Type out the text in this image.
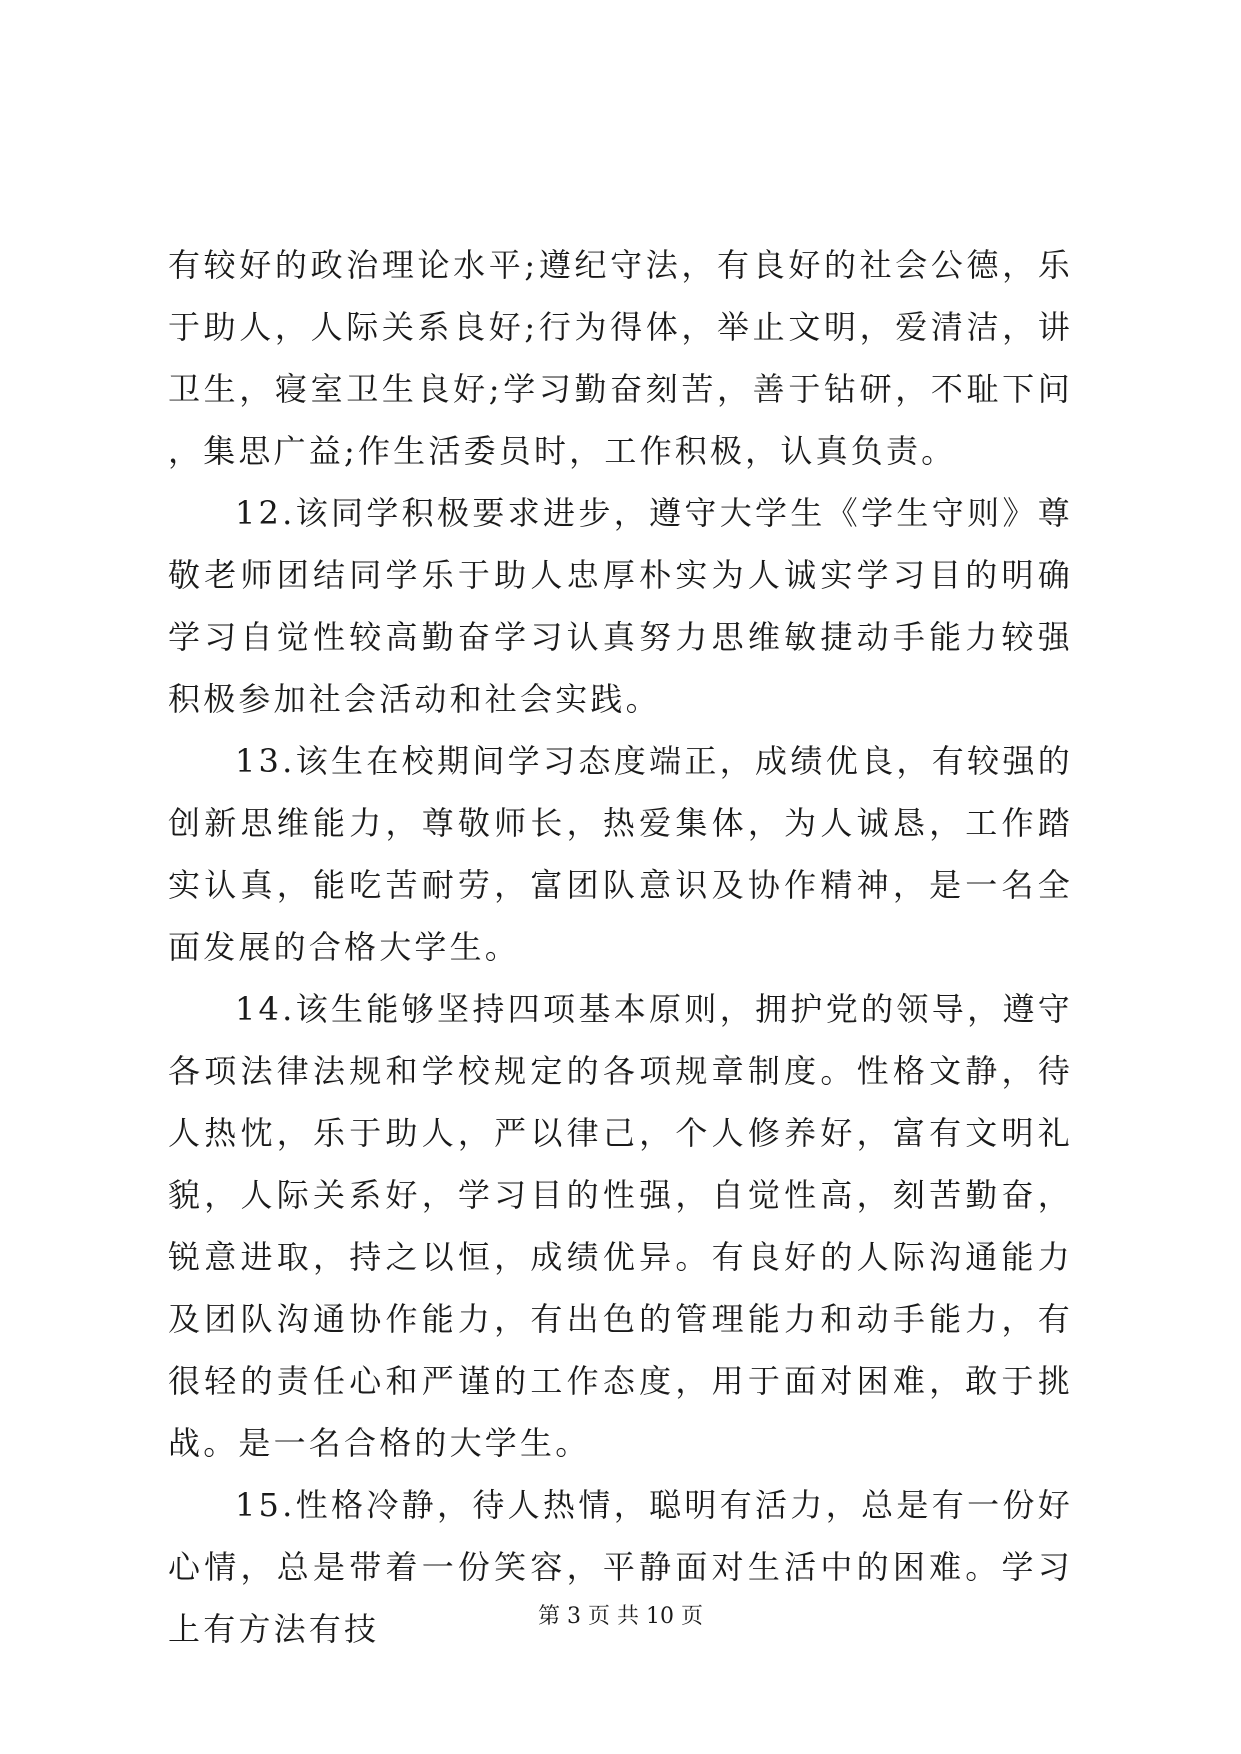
有较好的政治理论水平;遵纪守法，有良好的社会公德，乐于助人，人际关系良好;行为得体，举止文明，爱清洁，讲卫生，寝室卫生良好;学习勤奋刻苦，善于钻研，不耻下问，集思广益;作生活委员时，工作积极，认真负责。

12.该同学积极要求进步，遵守大学生《学生守则》尊敬老师团结同学乐于助人忠厚朴实为人诚实学习目的明确学习自觉性较高勤奋学习认真努力思维敏捷动手能力较强积极参加社会活动和社会实践。

13.该生在校期间学习态度端正，成绩优良，有较强的创新思维能力，尊敬师长，热爱集体，为人诚恳，工作踏实认真，能吃苦耐劳，富团队意识及协作精神，是一名全面发展的合格大学生。

14.该生能够坚持四项基本原则，拥护党的领导，遵守各项法律法规和学校规定的各项规章制度。性格文静，待人热忱，乐于助人，严以律己，个人修养好，富有文明礼貌，人际关系好，学习目的性强，自觉性高，刻苦勤奋，锐意进取，持之以恒，成绩优异。有良好的人际沟通能力及团队沟通协作能力，有出色的管理能力和动手能力，有很轻的责任心和严谨的工作态度，用于面对困难，敢于挑战。是一名合格的大学生。

15.性格冷静，待人热情，聪明有活力，总是有一份好心情，总是带着一份笑容，平静面对生活中的困难。学习上有方法有技	第 3 页 共 10 页
